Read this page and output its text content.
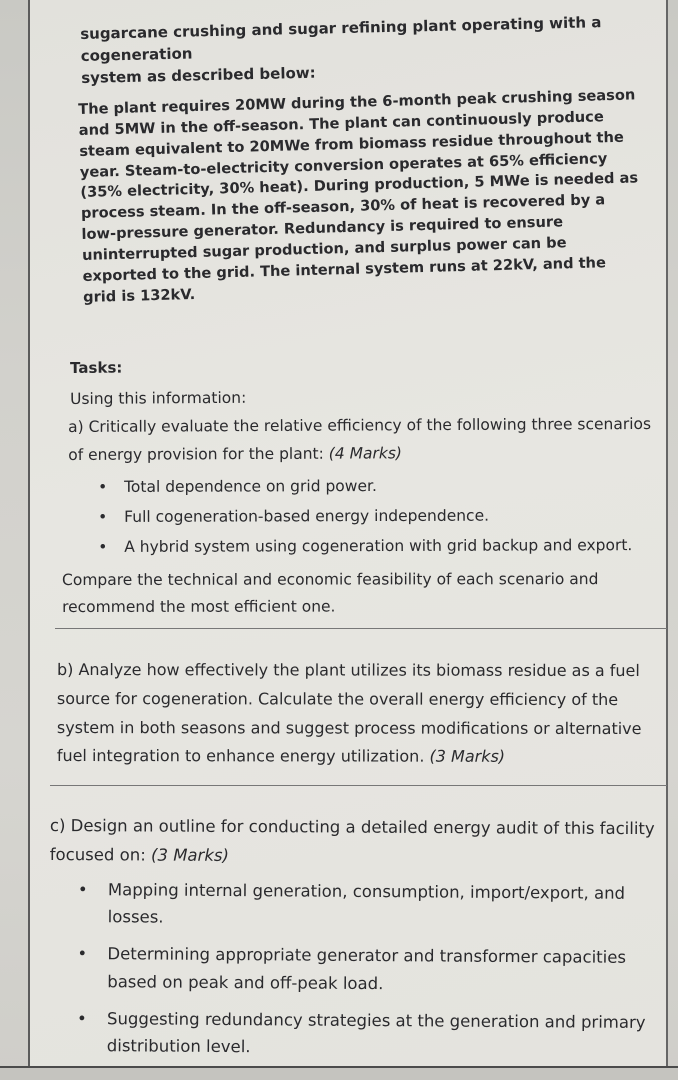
sugarcane crushing and sugar refining plant operating with a cogeneration
system as described below:

The plant requires 20MW during the 6-month peak crushing season and 5MW in the off-season. The plant can continuously produce steam equivalent to 20MWe from biomass residue throughout the year. Steam-to-electricity conversion operates at 65% efficiency (35% electricity, 30% heat). During production, 5 MWe is needed as process steam. In the off-season, 30% of heat is recovered by a low-pressure generator. Redundancy is required to ensure uninterrupted sugar production, and surplus power can be exported to the grid. The internal system runs at 22kV, and the grid is 132kV.

Tasks:
Using this information:

a) Critically evaluate the relative efficiency of the following three scenarios of energy provision for the plant: (4 Marks)

• Total dependence on grid power.
• Full cogeneration-based energy independence.
• A hybrid system using cogeneration with grid backup and export.

Compare the technical and economic feasibility of each scenario and recommend the most efficient one.

b) Analyze how effectively the plant utilizes its biomass residue as a fuel source for cogeneration. Calculate the overall energy efficiency of the system in both seasons and suggest process modifications or alternative fuel integration to enhance energy utilization. (3 Marks)

c) Design an outline for conducting a detailed energy audit of this facility focused on: (3 Marks)

• Mapping internal generation, consumption, import/export, and losses.
• Determining appropriate generator and transformer capacities based on peak and off-peak load.
• Suggesting redundancy strategies at the generation and primary distribution level.
